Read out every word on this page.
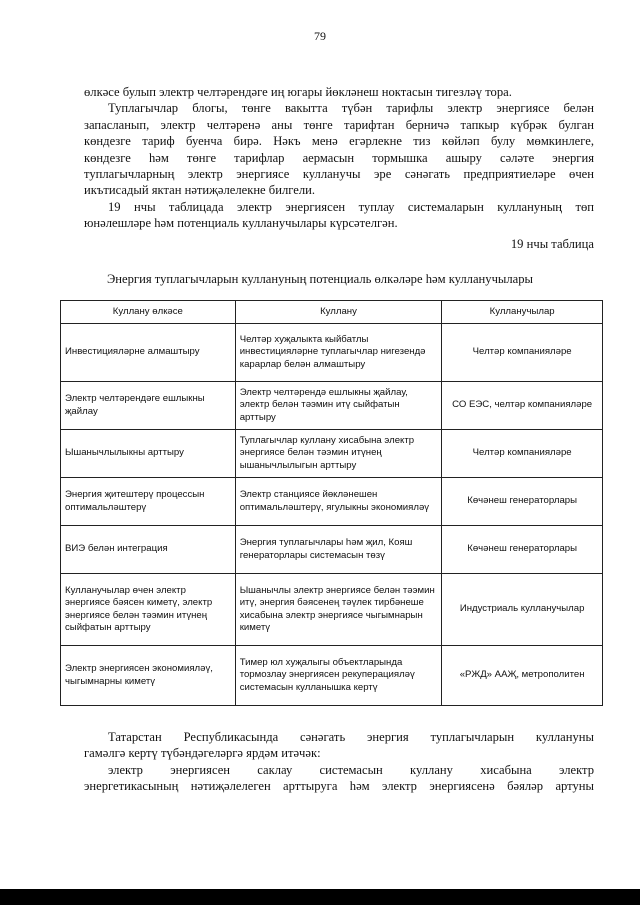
79
өлкәсе булып электр челтәрендәге иң югары йөкләнеш ноктасын тигезләү тора.
Туплагычлар блогы, төнге вакытта түбән тарифлы электр энергиясе белән
запасланып, электр челтәренә аны төнге тарифтан берничә тапкыр күбрәк булган
көндезге тариф буенча бирә. Нәкъ менә егәрлекне тиз көйләп булу мөмкинлеге,
көндезге һәм төнге тарифлар аермасын тормышка ашыру сәләте энергия
туплагычларның электр энергиясе кулланучы эре сәнәгать предприятиеләре өчен
икътисадый яктан нәтиҗәлелекне билгели.
19 нчы таблицада электр энергиясен туплау системаларын куллануның төп
юнәлешләре һәм потенциаль кулланучылары күрсәтелгән.
19 нчы таблица
Энергия туплагычларын куллануның потенциаль өлкәләре һәм кулланучылары
Куллану өлкәсе	Куллану	Кулланучылар
Инвестицияләрне алмаштыру	Челтәр хуҗалыкта кыйбатлы инвестицияләрне туплагычлар нигезендә карарлар белән алмаштыру	Челтәр компанияләре
Электр челтәрендәге ешлыкны җайлау	Электр челтәрендә ешлыкны җайлау, электр белән тәэмин итү сыйфатын арттыру	СО ЕЭС, челтәр компанияләре
Ышанычлылыкны арттыру	Туплагычлар куллану хисабына электр энергиясе белән тәэмин итүнең ышанычлылыгын арттыру	Челтәр компанияләре
Энергия җитештерү процессын оптимальләштерү	Электр станциясе йөкләнешен оптимальләштерү, ягулыкны экономияләү	Көчәнеш генераторлары
ВИЭ белән интеграция	Энергия туплагычлары һәм җил, Кояш генераторлары системасын төзү	Көчәнеш генераторлары
Кулланучылар өчен электр энергиясе бәясен киметү, электр энергиясе белән тәэмин итүнең сыйфатын арттыру	Ышанычлы электр энергиясе белән тәэмин итү, энергия бәясенең тәүлек тирбәнеше хисабына электр энергиясе чыгымнарын киметү	Индустриаль кулланучылар
Электр энергиясен экономияләү, чыгымнарны киметү	Тимер юл хуҗалыгы объектларында тормозлау энергиясен рекуперацияләү системасын кулланышка кертү	«РЖД» ААҖ, метрополитен
Татарстан Республикасында сәнәгать энергия туплагычларын куллануны
гамәлгә кертү түбәндәгеләргә ярдәм итәчәк:
электр энергиясен саклау системасын куллану хисабына электр
энергетикасының нәтиҗәлелеген арттыруга һәм электр энергиясенә бәяләр артуны
